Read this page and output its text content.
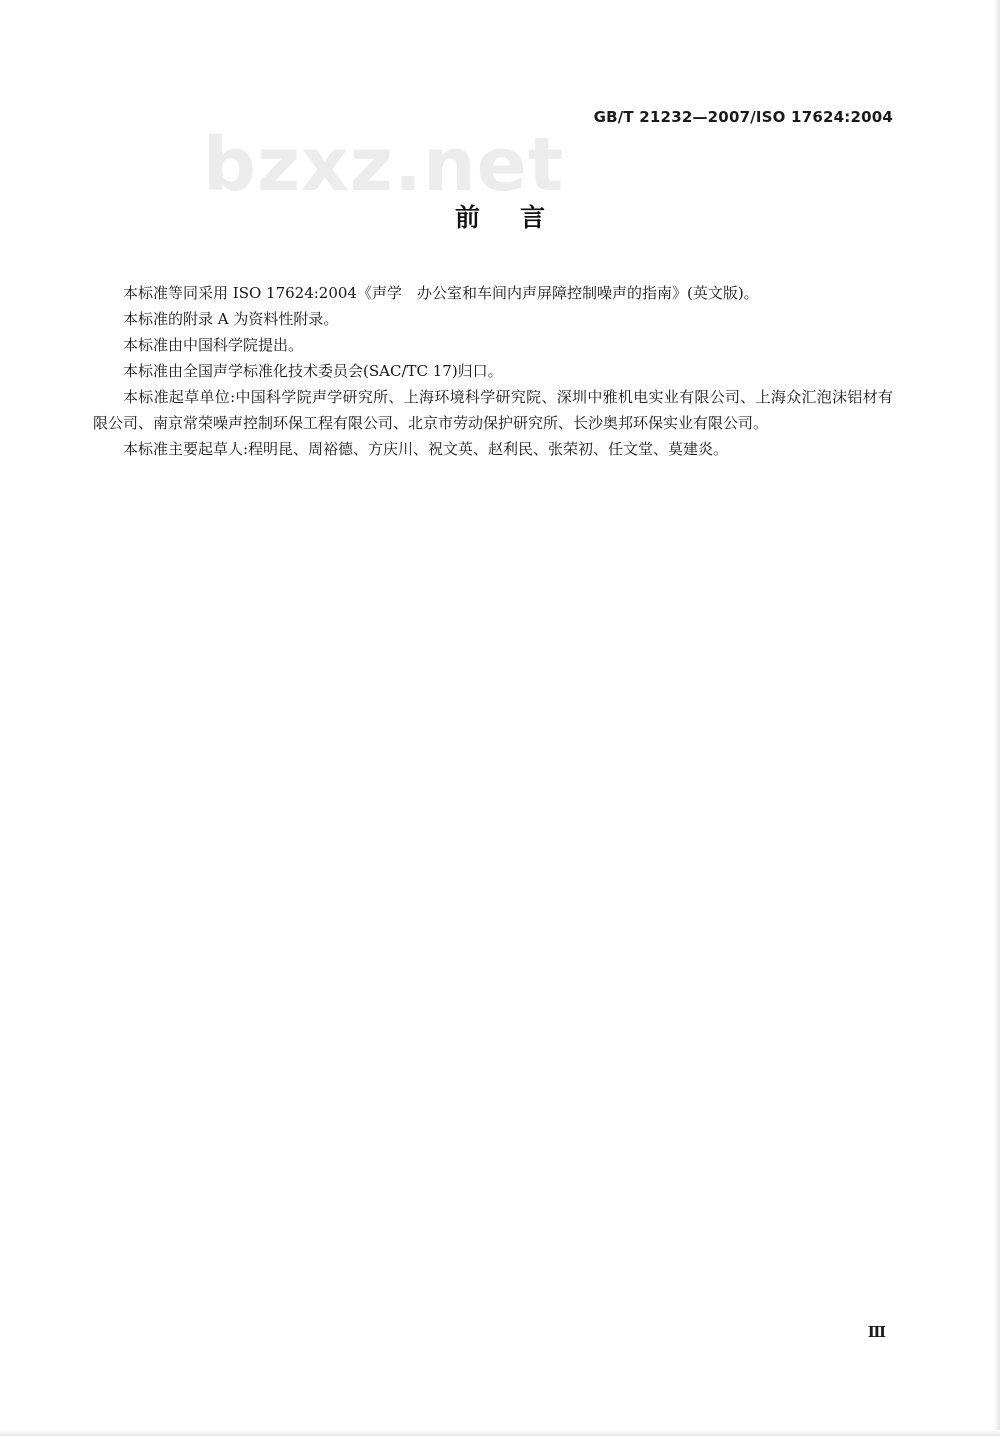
GB/T 21232—2007/ISO 17624:2004
bzxz.net
前言

本标准等同采用 ISO 17624:2004《声学　办公室和车间内声屏障控制噪声的指南》(英文版)。

本标准的附录 A 为资料性附录。

本标准由中国科学院提出。

本标准由全国声学标准化技术委员会(SAC/TC 17)归口。

本标准起草单位:中国科学院声学研究所、上海环境科学研究院、深圳中雅机电实业有限公司、上海众汇泡沫铝材有限公司、南京常荣噪声控制环保工程有限公司、北京市劳动保护研究所、长沙奥邦环保实业有限公司。

本标准主要起草人:程明昆、周裕德、方庆川、祝文英、赵利民、张荣初、任文堂、莫建炎。

Ⅲ
